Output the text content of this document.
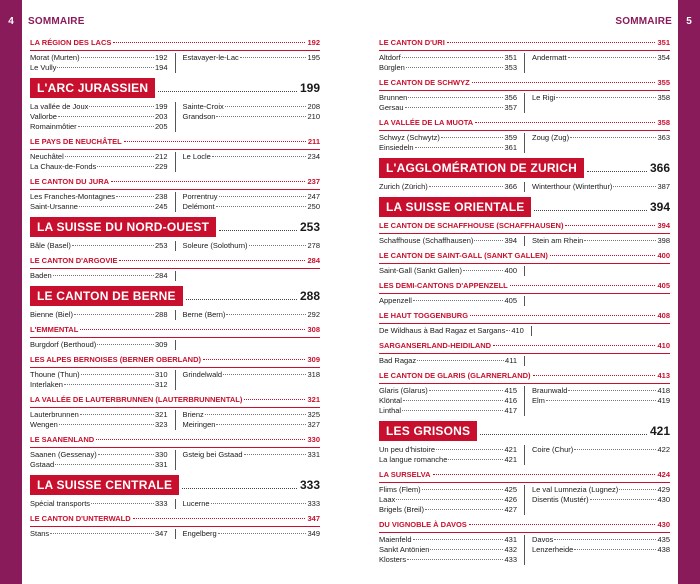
4	SOMMAIRE	SOMMAIRE	5
LA RÉGION DES LACS	192
Morat (Murten)	192
Le Vully	194
Estavayer-le-Lac	195
L'ARC JURASSIEN	199
La vallée de Joux	199
Vallorbe	203
Romainmôtier	205
Sainte-Croix	208
Grandson	210
LE PAYS DE NEUCHÂTEL	211
Neuchâtel	212
La Chaux-de-Fonds	229
Le Locle	234
LE CANTON DU JURA	237
Les Franches-Montagnes	238
Saint-Ursanne	245
Porrentruy	247
Delémont	250
LA SUISSE DU NORD-OUEST	253
Bâle (Basel)	253 Soleure (Solothurn)	278
LE CANTON D'ARGOVIE	284
Baden	284
LE CANTON DE BERNE	288
Bienne (Biel)	288 Berne (Bern)	292
L'EMMENTAL	308
Burgdorf (Berthoud)	309
LES ALPES BERNOISES (BERNER OBERLAND)	309
Thoune (Thun)	310
Interlaken	312
Grindelwald	318
LA VALLÉE DE LAUTERBRUNNEN (LAUTERBRUNNENTAL)	321
Lauterbrunnen	321
Wengen	323
Brienz	325
Meiringen	327
LE SAANENLAND	330
Saanen (Gessenay)	330
Gstaad	331
Gsteig bei Gstaad	331
LA SUISSE CENTRALE	333
Spécial transports	333 Lucerne	333
LE CANTON D'UNTERWALD	347
Stans	347 Engelberg	349
LE CANTON D'URI	351
Altdorf	351
Bürglen	353
Andermatt	354
LE CANTON DE SCHWYZ	355
Brunnen	356
Gersau	357
Le Rigi	358
LA VALLÉE DE LA MUOTA	358
Schwyz (Schwytz)	359
Einsiedeln	361
Zoug (Zug)	363
L'AGGLOMÉRATION DE ZURICH	366
Zurich (Zürich)	366 Winterthour (Winterthur)	387
LA SUISSE ORIENTALE	394
LE CANTON DE SCHAFFHOUSE (SCHAFFHAUSEN)	394
Schaffhouse (Schaffhausen)	394 Stein am Rhein	398
LE CANTON DE SAINT-GALL (SANKT GALLEN)	400
Saint-Gall (Sankt Gallen)	400
LES DEMI-CANTONS D'APPENZELL	405
Appenzell	405
LE HAUT TOGGENBURG	408
De Wildhaus à Bad Ragaz et Sargans 410
SARGANSERLAND-HEIDILAND	410
Bad Ragaz	411
LE CANTON DE GLARIS (GLARNERLAND)	413
Glaris (Glarus)	415
Klöntal	416
Linthal	417
Braunwald	418
Elm	419
LES GRISONS	421
Un peu d'histoire	421
La langue romanche	421
Coire (Chur)	422
LA SURSELVA	424
Flims (Flem)	425
Laax	426
Brigels (Breil)	427
Le val Lumnezia (Lugnez)	429
Disentis (Mustér)	430
DU VIGNOBLE À DAVOS	430
Maienfeld	431
Sankt Antönien	432
Klosters	433
Davos	435
Lenzerheide	438
